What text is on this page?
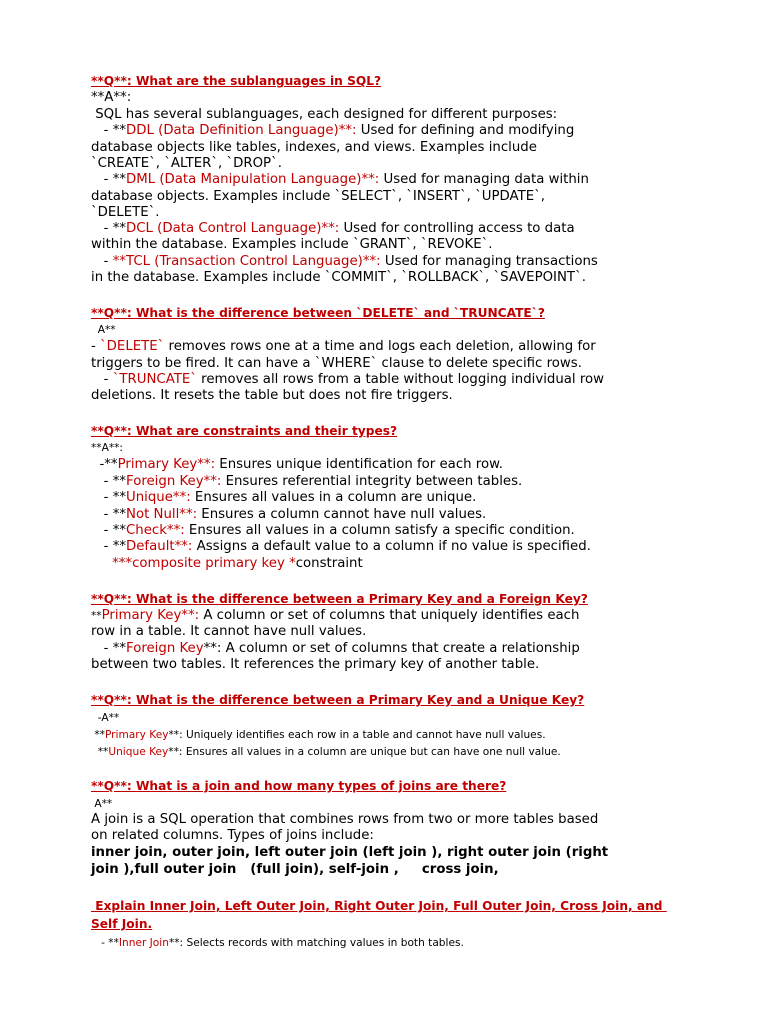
**Q**: What are the sublanguages in SQL?
**A**:
SQL has several sublanguages, each designed for different purposes:
- **DDL (Data Definition Language)**: Used for defining and modifying
database objects like tables, indexes, and views. Examples include
`CREATE`, `ALTER`, `DROP`.
- **DML (Data Manipulation Language)**: Used for managing data within
database objects. Examples include `SELECT`, `INSERT`, `UPDATE`,
`DELETE`.
- **DCL (Data Control Language)**: Used for controlling access to data
within the database. Examples include `GRANT`, `REVOKE`.
- **TCL (Transaction Control Language)**: Used for managing transactions
in the database. Examples include `COMMIT`, `ROLLBACK`, `SAVEPOINT`.
**Q**: What is the difference between `DELETE` and `TRUNCATE`?
A**
- `DELETE` removes rows one at a time and logs each deletion, allowing for
triggers to be fired. It can have a `WHERE` clause to delete specific rows.
- `TRUNCATE` removes all rows from a table without logging individual row
deletions. It resets the table but does not fire triggers.
**Q**: What are constraints and their types?
**A**:
-**Primary Key**: Ensures unique identification for each row.
- **Foreign Key**: Ensures referential integrity between tables.
- **Unique**: Ensures all values in a column are unique.
- **Not Null**: Ensures a column cannot have null values.
- **Check**: Ensures all values in a column satisfy a specific condition.
- **Default**: Assigns a default value to a column if no value is specified.
***composite primary key *constraint
**Q**: What is the difference between a Primary Key and a Foreign Key?
**Primary Key**: A column or set of columns that uniquely identifies each
row in a table. It cannot have null values.
- **Foreign Key**: A column or set of columns that create a relationship
between two tables. It references the primary key of another table.
**Q**: What is the difference between a Primary Key and a Unique Key?
-A**
**Primary Key**: Uniquely identifies each row in a table and cannot have null values.
**Unique Key**: Ensures all values in a column are unique but can have one null value.
**Q**: What is a join and how many types of joins are there?
A**
A join is a SQL operation that combines rows from two or more tables based
on related columns. Types of joins include:
inner join, outer join, left outer join (left join ), right outer join (right
join ),full outer join   (full join), self-join ,     cross join,
Explain Inner Join, Left Outer Join, Right Outer Join, Full Outer Join, Cross Join, and
Self Join.
- **Inner Join**: Selects records with matching values in both tables.
